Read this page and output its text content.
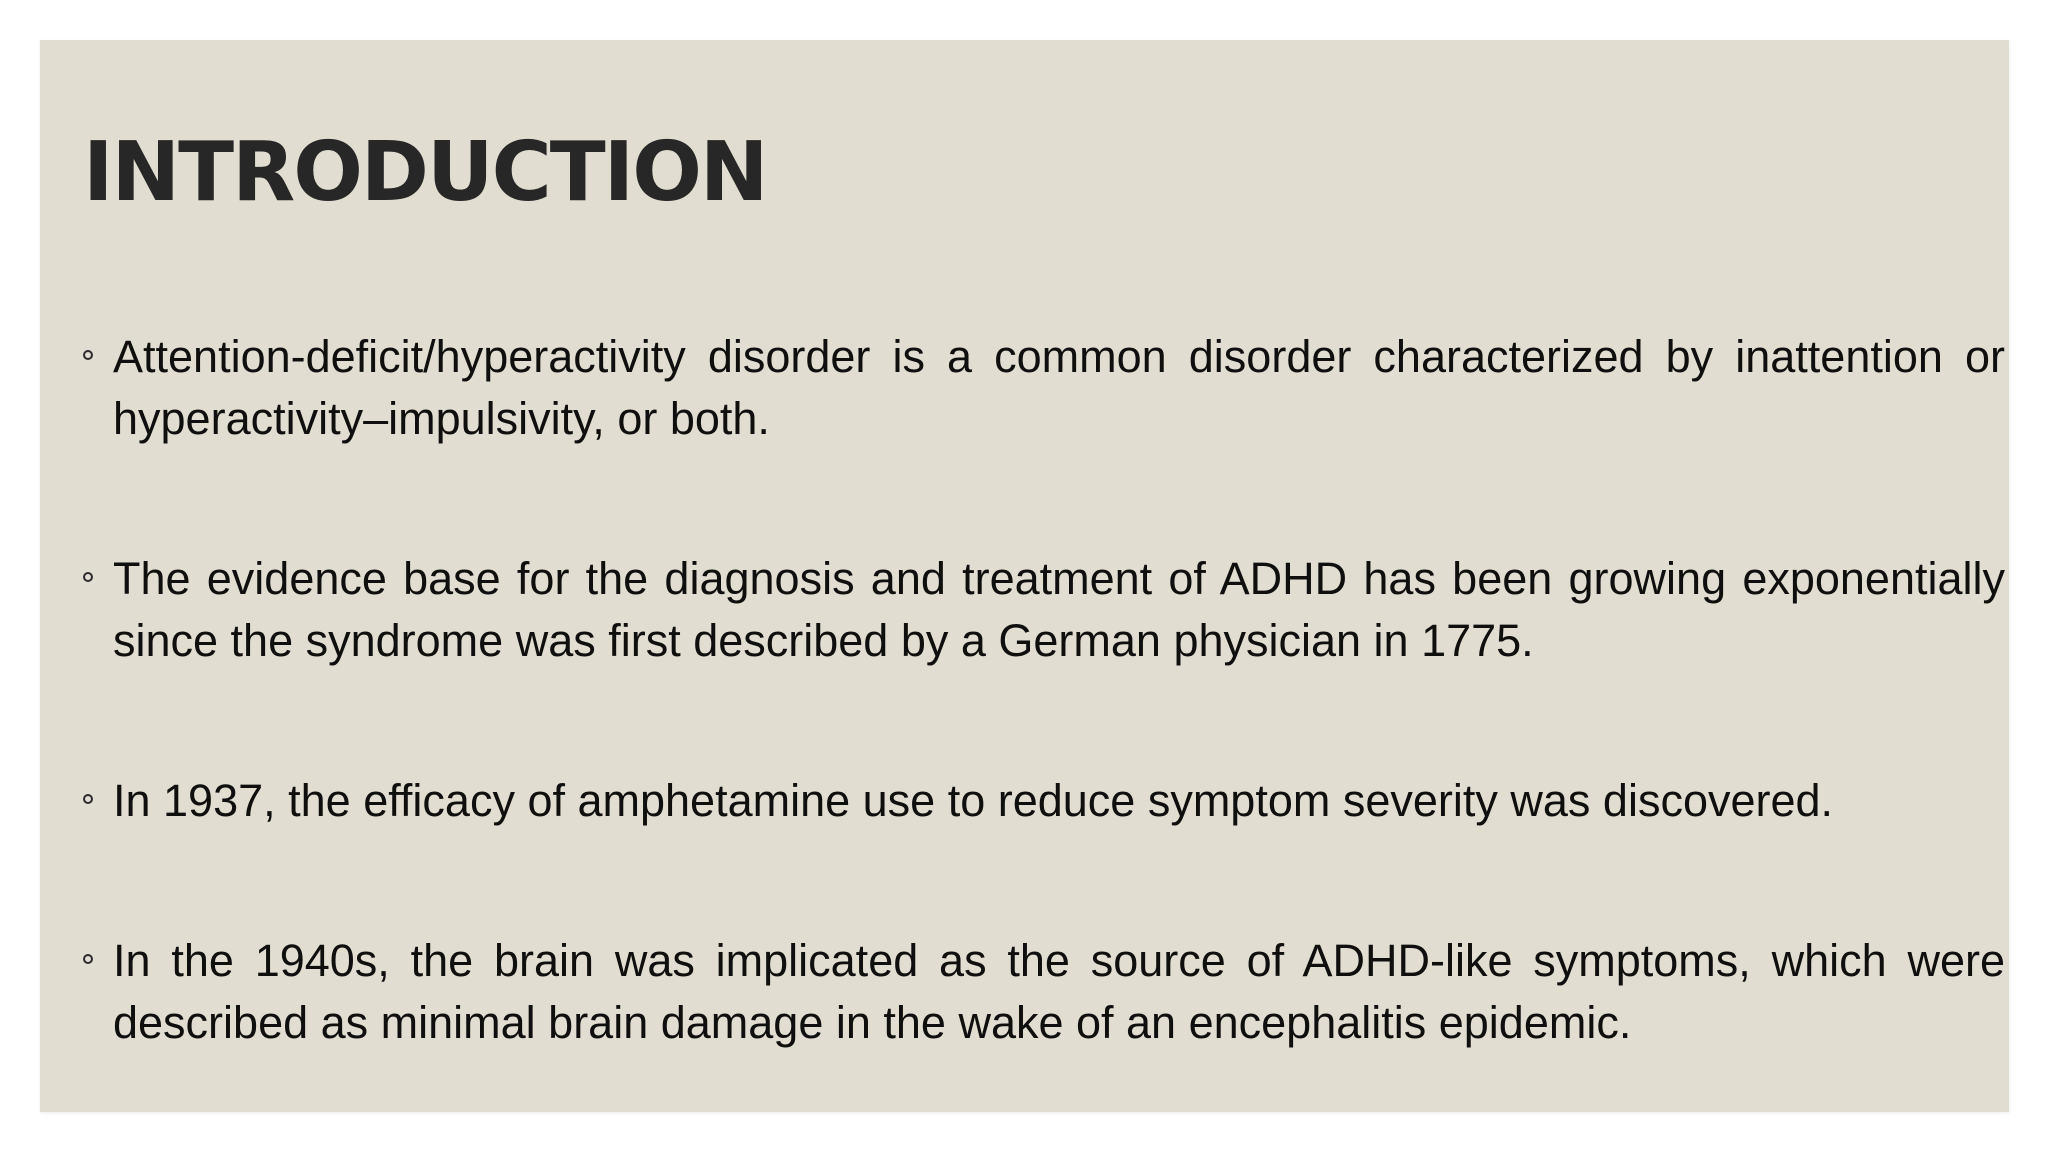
INTRODUCTION
Attention-deficit/hyperactivity disorder is a common disorder characterized by inattention or hyperactivity–impulsivity, or both.
The evidence base for the diagnosis and treatment of ADHD has been growing exponentially since the syndrome was first described by a German physician in 1775.
In 1937, the efficacy of amphetamine use to reduce symptom severity was discovered.
In the 1940s, the brain was implicated as the source of ADHD-like symptoms, which were described as minimal brain damage in the wake of an encephalitis epidemic.
